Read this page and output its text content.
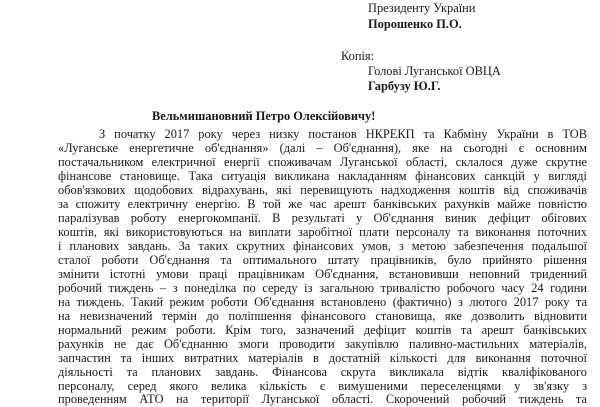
Президенту України
Порошенко П.О.
Копія:
Голові Луганської ОВЦА
Гарбузу Ю.Г.
Вельмишановний Петро Олексійовичу!
З початку 2017 року через низку постанов НКРЕКП та Кабміну України в ТОВ
«Луганське енергетичне об'єднання» (далі – Об'єднання), яке на сьогодні є основним
постачальником електричної енергії споживачам Луганської області, склалося дуже скрутне
фінансове становище. Така ситуація викликана накладанням фінансових санкцій у вигляді
обов'язкових щодобових відрахувань, які перевищують надходження коштів від споживачів
за спожиту електричну енергію. В той же час арешт банківських рахунків майже повністю
паралізував роботу енергокомпанії. В результаті у Об'єднання виник дефіцит обігових
коштів, які використовуються на виплати заробітної плати персоналу та виконання поточних
і планових завдань. За таких скрутних фінансових умов, з метою забезпечення подальшої
сталої роботи Об'єднання та оптимального штату працівників, було прийнято рішення
змінити істотні умови праці працівникам Об'єднання, встановивши неповний триденний
робочий тиждень – з понеділка по середу із загальною тривалістю робочого часу 24 години
на тиждень. Такий режим роботи Об'єднання встановлено (фактично) з лютого 2017 року та
на невизначений термін до поліпшення фінансового становища, яке дозволить відновити
нормальний режим роботи. Крім того, зазначений дефіцит коштів та арешт банківських
рахунків не дає Об'єднанню змоги проводити закупівлю паливно-мастильних матеріалів,
запчастин та інших витратних матеріалів в достатній кількості для виконання поточної
діяльності та планових завдань. Фінансова скрута викликала відтік кваліфікованого
персоналу, серед якого велика кількість є вимушеними переселенцями у зв'язку з
проведенням АТО на території Луганської області. Скорочений робочий тиждень та
